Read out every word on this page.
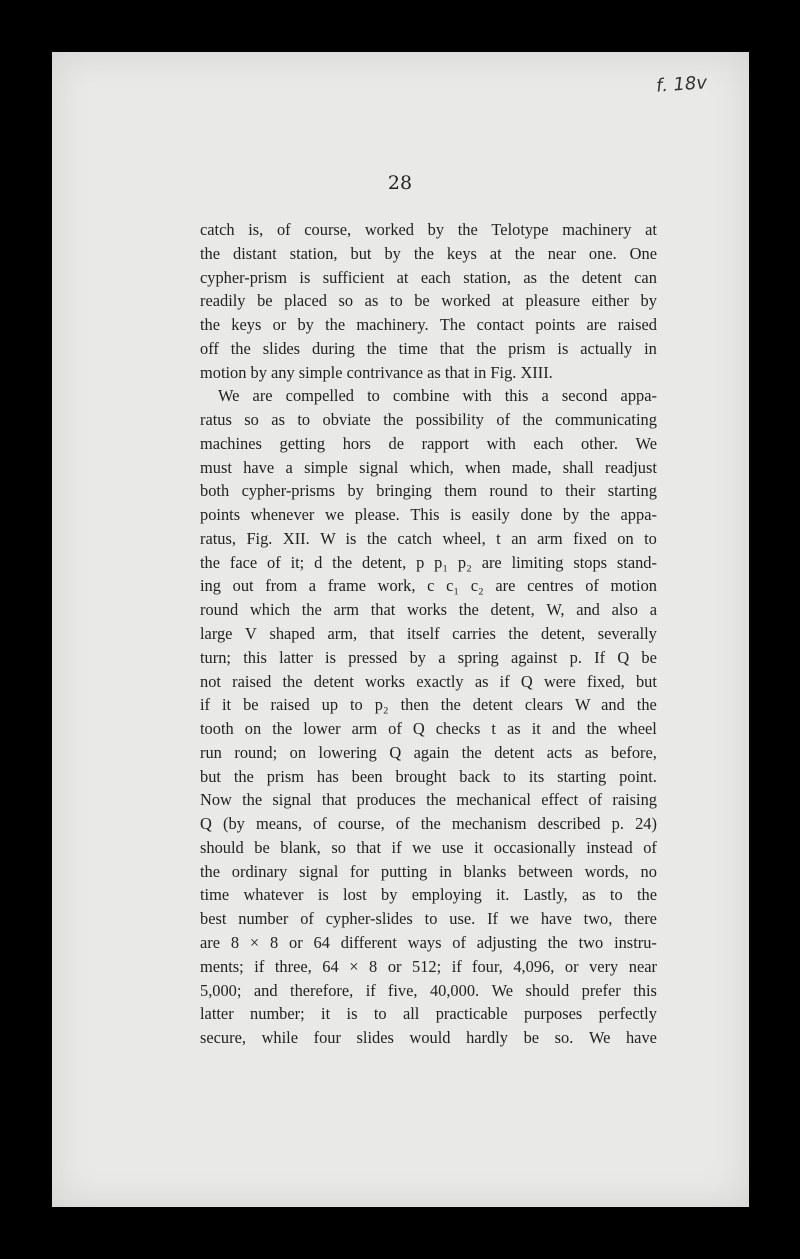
f. 18v
28
catch is, of course, worked by the Telotype machinery at
the distant station, but by the keys at the near one. One
cypher-prism is sufficient at each station, as the detent can
readily be placed so as to be worked at pleasure either by
the keys or by the machinery. The contact points are raised
off the slides during the time that the prism is actually in
motion by any simple contrivance as that in Fig. XIII.
We are compelled to combine with this a second appa-
ratus so as to obviate the possibility of the communicating
machines getting hors de rapport with each other. We
must have a simple signal which, when made, shall readjust
both cypher-prisms by bringing them round to their starting
points whenever we please. This is easily done by the appa-
ratus, Fig. XII. W is the catch wheel, t an arm fixed on to
the face of it; d the detent, p p₁ p₂ are limiting stops stand-
ing out from a frame work, c c₁ c₂ are centres of motion
round which the arm that works the detent, W, and also a
large V shaped arm, that itself carries the detent, severally
turn; this latter is pressed by a spring against p. If Q be
not raised the detent works exactly as if Q were fixed, but
if it be raised up to p₂ then the detent clears W and the
tooth on the lower arm of Q checks t as it and the wheel
run round; on lowering Q again the detent acts as before,
but the prism has been brought back to its starting point.
Now the signal that produces the mechanical effect of raising
Q (by means, of course, of the mechanism described p. 24)
should be blank, so that if we use it occasionally instead of
the ordinary signal for putting in blanks between words, no
time whatever is lost by employing it. Lastly, as to the
best number of cypher-slides to use. If we have two, there
are 8 × 8 or 64 different ways of adjusting the two instru-
ments; if three, 64 × 8 or 512; if four, 4,096, or very near
5,000; and therefore, if five, 40,000. We should prefer this
latter number; it is to all practicable purposes perfectly
secure, while four slides would hardly be so. We have
